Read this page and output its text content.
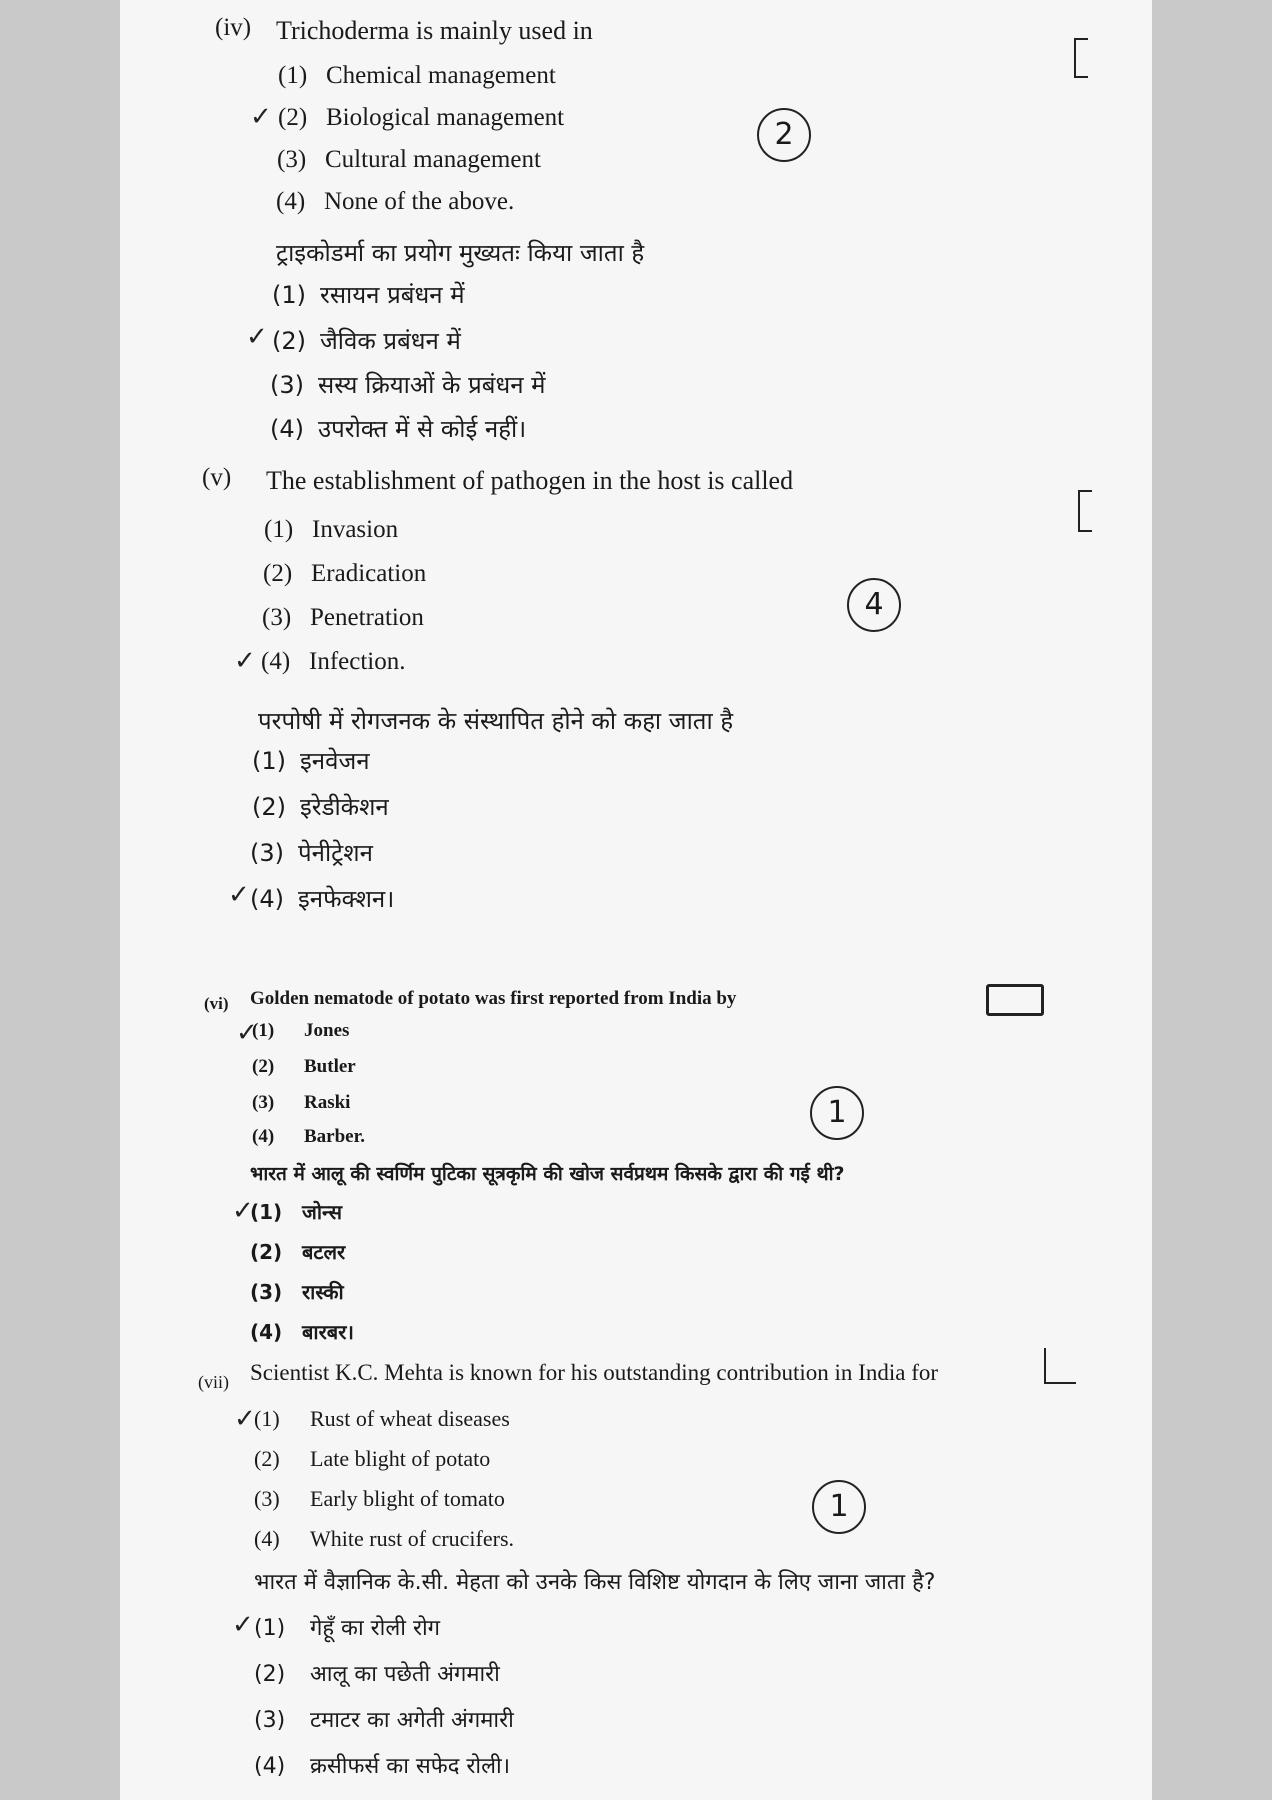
(iv) Trichoderma is mainly used in
(1) Chemical management
(2) Biological management
(3) Cultural management
(4) None of the above.
✓	2
ट्राइकोडर्मा का प्रयोग मुख्यतः किया जाता है
(1) रसायन प्रबंधन में
(2) जैविक प्रबंधन में
(3) सस्य क्रियाओं के प्रबंधन में
(4) उपरोक्त में से कोई नहीं।
✓
(v) The establishment of pathogen in the host is called
(1) Invasion
(2) Eradication
(3) Penetration
(4) Infection.
✓
4
परपोषी में रोगजनक के संस्थापित होने को कहा जाता है
(1) इनवेजन
(2) इरेडीकेशन
(3) पेनीट्रेशन
(4) इनफेक्शन।
✓
(vi) Golden nematode of potato was first reported from India by
(1) Jones
(2) Butler
(3) Raski
(4) Barber.
✓
1
भारत में आलू की स्वर्णिम पुटिका सूत्रकृमि की खोज सर्वप्रथम किसके द्वारा की गई थी?
(1) जोन्स
(2) बटलर
(3) रास्की
(4) बारबर।
✓
(vii) Scientist K.C. Mehta is known for his outstanding contribution in India for
(1) Rust of wheat diseases
(2) Late blight of potato
(3) Early blight of tomato
(4) White rust of crucifers.
✓
1
भारत में वैज्ञानिक के.सी. मेहता को उनके किस विशिष्ट योगदान के लिए जाना जाता है?
(1) गेहूँ का रोली रोग
(2) आलू का पछेती अंगमारी
(3) टमाटर का अगेती अंगमारी
(4) क्रसीफर्स का सफेद रोली।
✓
